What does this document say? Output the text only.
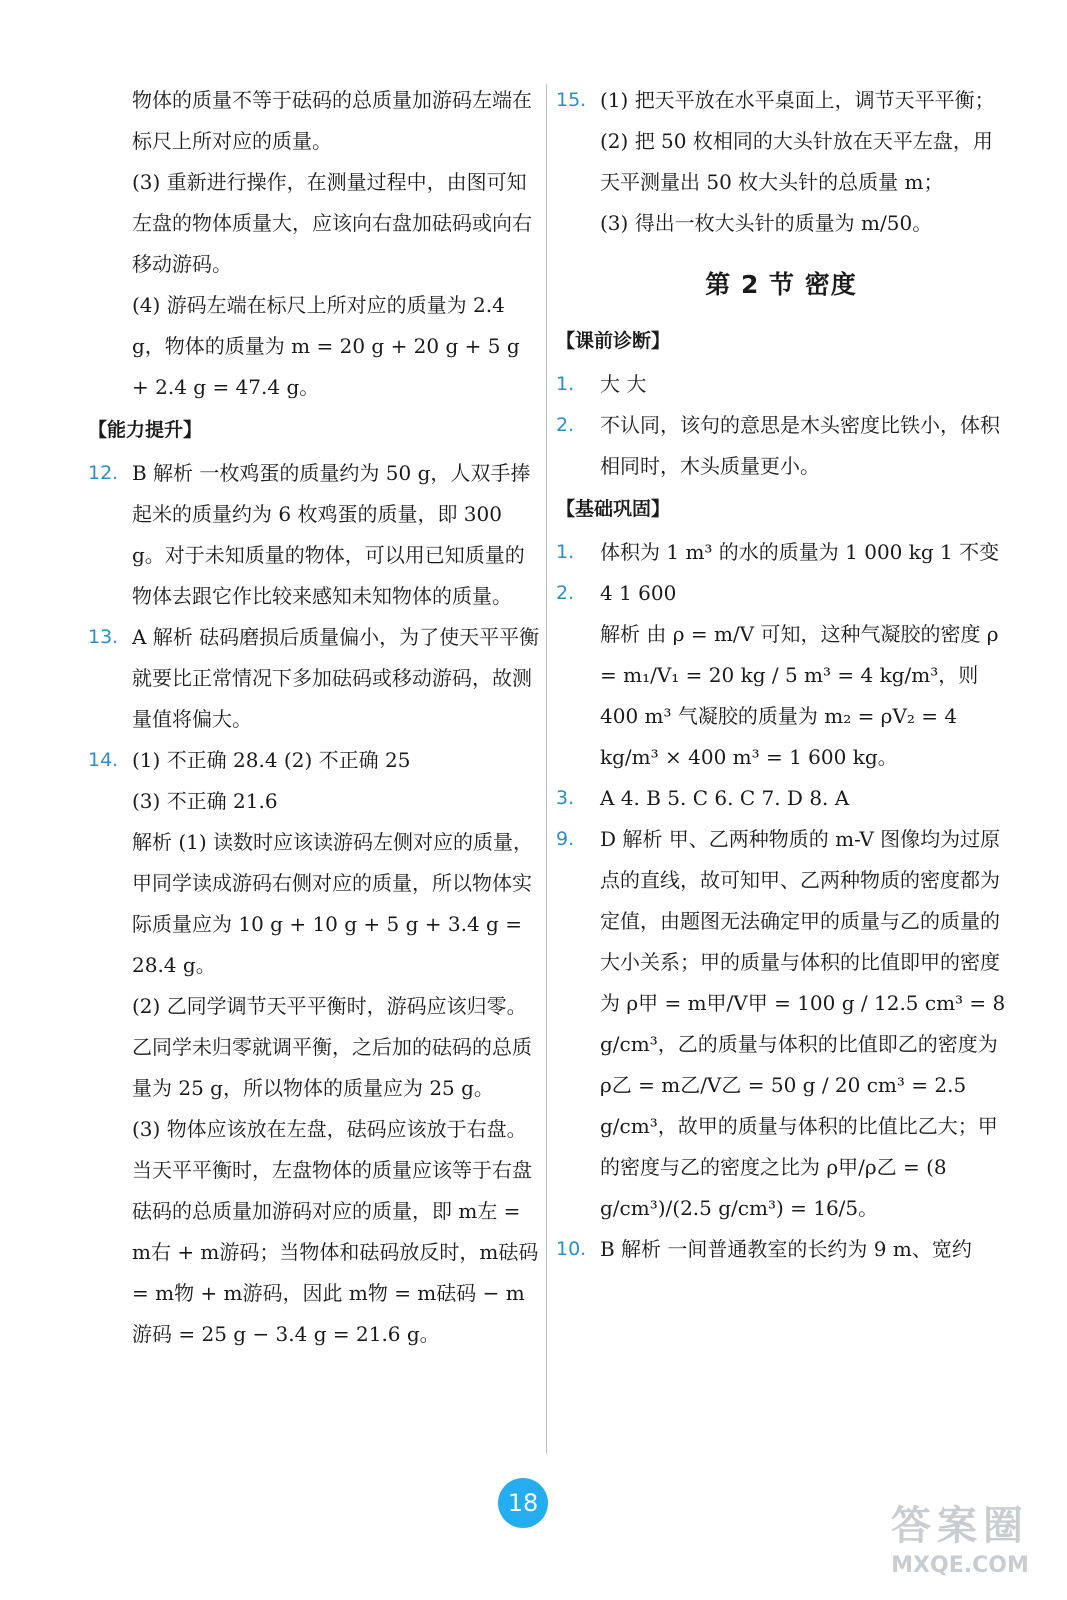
物体的质量不等于砝码的总质量加游码左端在标尺上所对应的质量。
(3) 重新进行操作，在测量过程中，由图可知左盘的物体质量大，应该向右盘加砝码或向右移动游码。
(4) 游码左端在标尺上所对应的质量为 2.4 g，物体的质量为 m = 20 g + 20 g + 5 g + 2.4 g = 47.4 g。
【能力提升】
12. B 解析 一枚鸡蛋的质量约为 50 g，人双手捧起米的质量约为 6 枚鸡蛋的质量，即 300 g。对于未知质量的物体，可以用已知质量的物体去跟它作比较来感知未知物体的质量。
13. A 解析 砝码磨损后质量偏小，为了使天平平衡就要比正常情况下多加砝码或移动游码，故测量值将偏大。
14. (1) 不正确 28.4 (2) 不正确 25
(3) 不正确 21.6
解析 (1) 读数时应该读游码左侧对应的质量，甲同学读成游码右侧对应的质量，所以物体实际质量应为 10 g + 10 g + 5 g + 3.4 g = 28.4 g。
(2) 乙同学调节天平平衡时，游码应该归零。乙同学未归零就调平衡，之后加的砝码的总质量为 25 g，所以物体的质量应为 25 g。
(3) 物体应该放在左盘，砝码应该放于右盘。当天平平衡时，左盘物体的质量应该等于右盘砝码的总质量加游码对应的质量，即 m左 = m右 + m游码；当物体和砝码放反时，m砝码 = m物 + m游码，因此 m物 = m砝码 − m游码 = 25 g − 3.4 g = 21.6 g。
15. (1) 把天平放在水平桌面上，调节天平平衡；
(2) 把 50 枚相同的大头针放在天平左盘，用天平测量出 50 枚大头针的总质量 m；
(3) 得出一枚大头针的质量为 m/50。
第 2 节 密度
【课前诊断】
1.	大 大
2.	不认同，该句的意思是木头密度比铁小，体积相同时，木头质量更小。
【基础巩固】
1.	体积为 1 m³ 的水的质量为 1 000 kg 1 不变
2.	4 1 600
解析 由 ρ = m/V 可知，这种气凝胶的密度 ρ = m₁/V₁ = 20 kg / 5 m³ = 4 kg/m³，则 400 m³ 气凝胶的质量为 m₂ = ρV₂ = 4 kg/m³ × 400 m³ = 1 600 kg。
3.	A 4. B 5. C 6. C 7. D 8. A
9.	D 解析 甲、乙两种物质的 m-V 图像均为过原点的直线，故可知甲、乙两种物质的密度都为定值，由题图无法确定甲的质量与乙的质量的大小关系；甲的质量与体积的比值即甲的密度为 ρ甲 = m甲/V甲 = 100 g / 12.5 cm³ = 8 g/cm³，乙的质量与体积的比值即乙的密度为 ρ乙 = m乙/V乙 = 50 g / 20 cm³ = 2.5 g/cm³，故甲的质量与体积的比值比乙大；甲的密度与乙的密度之比为 ρ甲/ρ乙 = (8 g/cm³)/(2.5 g/cm³) = 16/5。
10. B 解析 一间普通教室的长约为 9 m、宽约
18	答案圈
MXQE.COM
